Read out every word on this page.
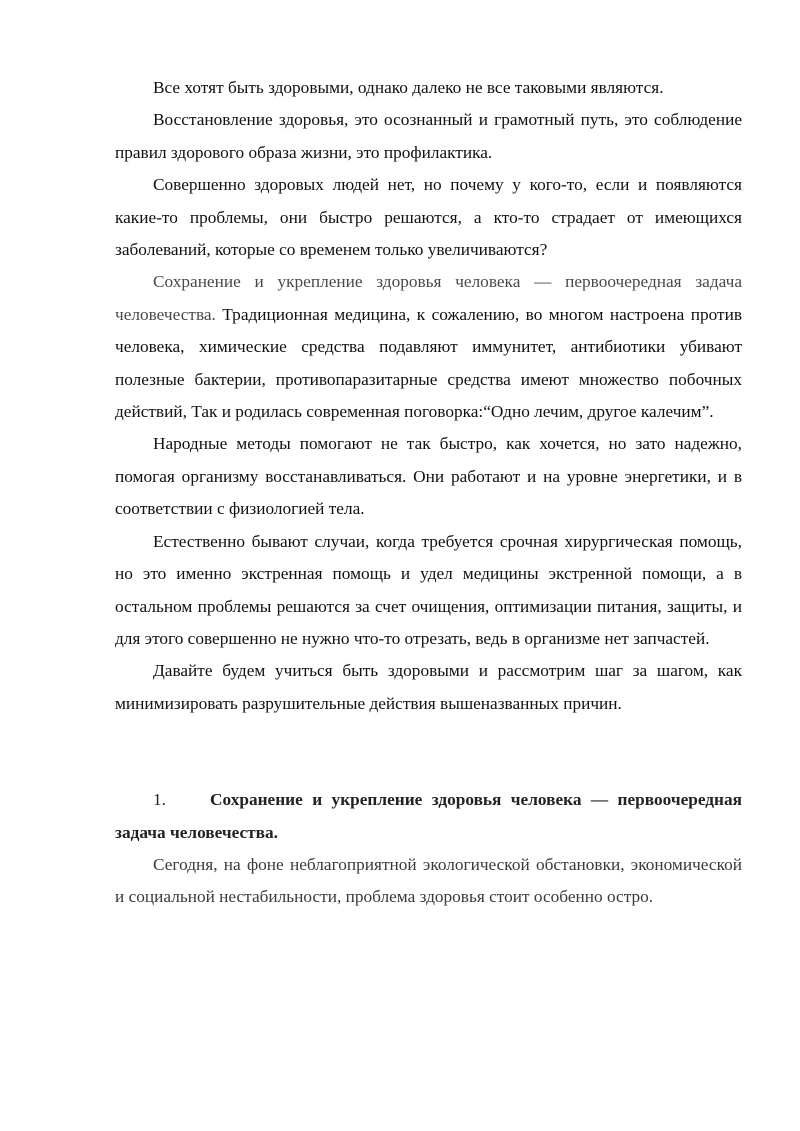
Все хотят быть здоровыми, однако далеко не все таковыми являются.

Восстановление здоровья, это осознанный и грамотный путь, это соблюдение правил здорового образа жизни, это профилактика.

Совершенно здоровых людей нет, но почему у кого-то, если и появляются какие-то проблемы, они быстро решаются, а кто-то страдает от имеющихся заболеваний, которые со временем только увеличиваются?

Сохранение и укрепление здоровья человека — первоочередная задача человечества. Традиционная медицина, к сожалению, во многом настроена против человека, химические средства подавляют иммунитет, антибиотики убивают полезные бактерии, противопаразитарные средства имеют множество побочных действий, Так и родилась современная поговорка:“Одно лечим, другое калечим”.

Народные методы помогают не так быстро, как хочется, но зато надежно, помогая организму восстанавливаться. Они работают и на уровне энергетики, и в соответствии с физиологией тела.

Естественно бывают случаи, когда требуется срочная хирургическая помощь, но это именно экстренная помощь и удел медицины экстренной помощи, а в остальном проблемы решаются за счет очищения, оптимизации питания, защиты, и для этого совершенно не нужно что-то отрезать, ведь в организме нет запчастей.

Давайте будем учиться быть здоровыми и рассмотрим шаг за шагом, как минимизировать разрушительные действия вышеназванных причин.

1.	Сохранение и укрепление здоровья человека — первоочередная задача человечества.

Сегодня, на фоне неблагоприятной экологической обстановки, экономической и социальной нестабильности, проблема здоровья стоит особенно остро.
